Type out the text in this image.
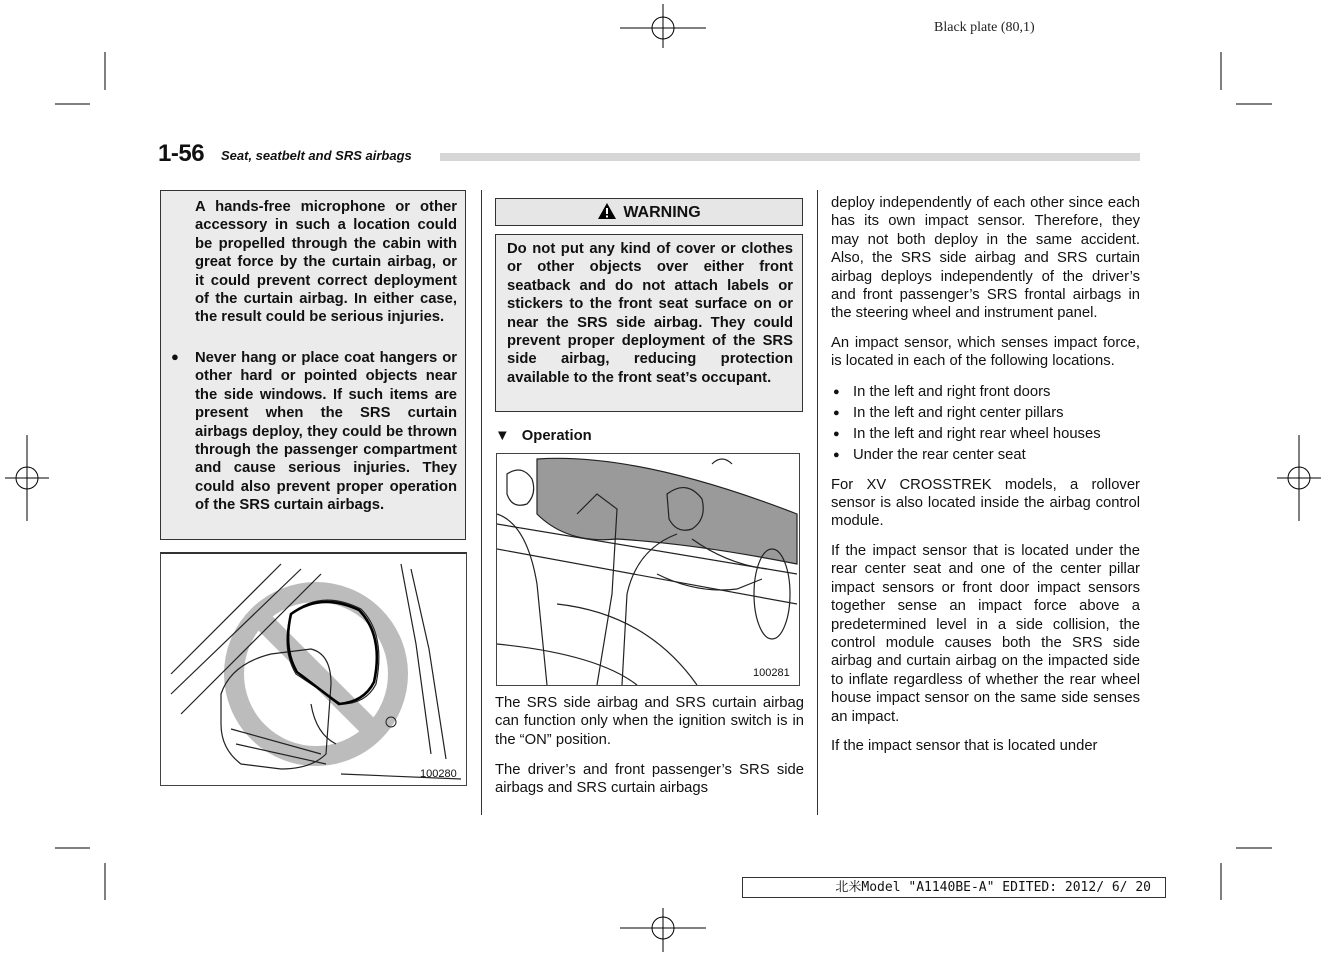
Black plate (80,1)
1-56 Seat, seatbelt and SRS airbags

A hands-free microphone or other accessory in such a location could be propelled through the cabin with great force by the curtain airbag, or it could prevent correct deployment of the curtain airbag. In either case, the result could be serious injuries.

● Never hang or place coat hangers or other hard or pointed objects near the side windows. If such items are present when the SRS curtain airbags deploy, they could be thrown through the passenger compartment and cause serious injuries. They could also prevent proper operation of the SRS curtain airbags.

100280
WARNING

Do not put any kind of cover or clothes or other objects over either front seatback and do not attach labels or stickers to the front seat surface on or near the SRS side airbag. They could prevent proper deployment of the SRS side airbag, reducing protection available to the front seat’s occupant.

▼ Operation
100281

The SRS side airbag and SRS curtain airbag can function only when the ignition switch is in the “ON” position.

The driver’s and front passenger’s SRS side airbags and SRS curtain airbags

deploy independently of each other since each has its own impact sensor. Therefore, they may not both deploy in the same accident. Also, the SRS side airbag and SRS curtain airbag deploys independently of the driver’s and front passenger’s SRS frontal airbags in the steering wheel and instrument panel.

An impact sensor, which senses impact force, is located in each of the following locations.

● In the left and right front doors
● In the left and right center pillars
● In the left and right rear wheel houses
● Under the rear center seat

For XV CROSSTREK models, a rollover sensor is also located inside the airbag control module.

If the impact sensor that is located under the rear center seat and one of the center pillar impact sensors or front door impact sensors together sense an impact force above a predetermined level in a side collision, the control module causes both the SRS side airbag and curtain airbag on the impacted side to inflate regardless of whether the rear wheel house impact sensor on the same side senses an impact.

If the impact sensor that is located under

北米Model "A1140BE-A" EDITED: 2012/ 6/ 20
